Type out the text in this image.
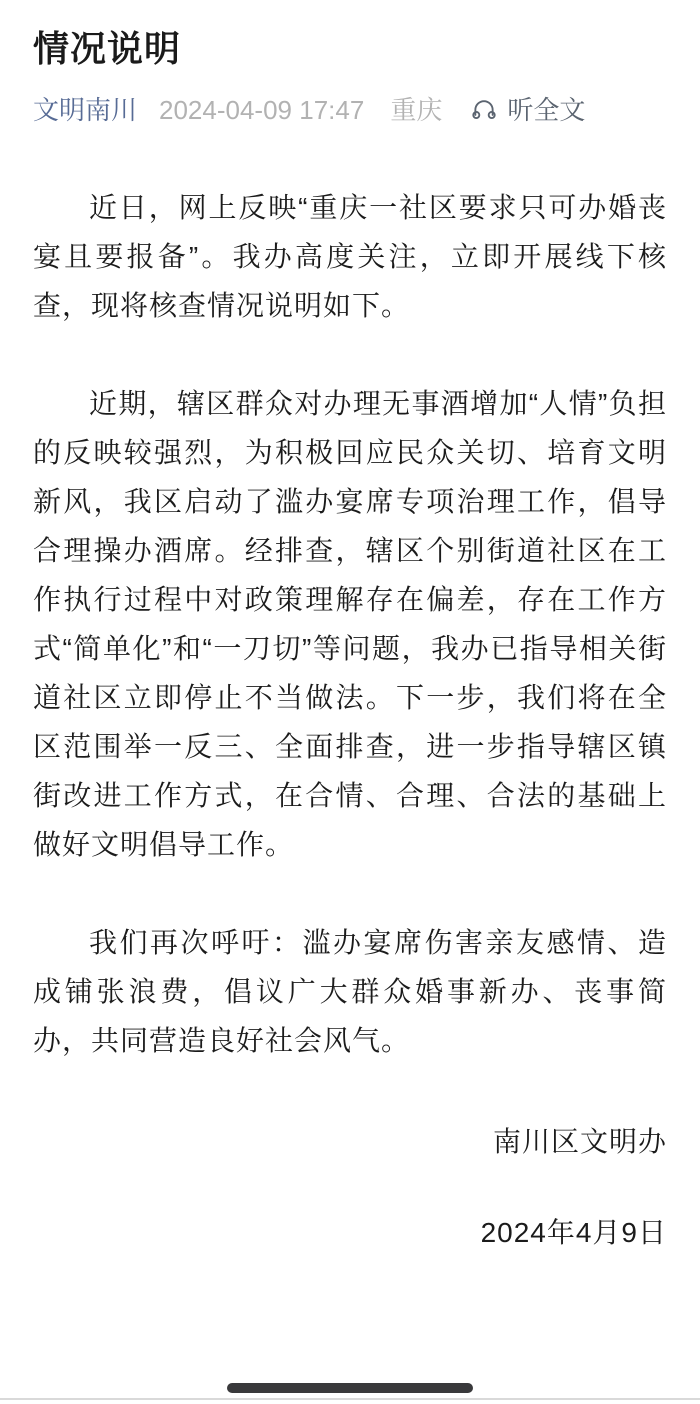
情况说明
文明南川 2024-04-09 17:47 重庆	听全文

近日，网上反映“重庆一社区要求只可办婚丧宴且要报备”。我办高度关注，立即开展线下核查，现将核查情况说明如下。

近期，辖区群众对办理无事酒增加“人情”负担的反映较强烈，为积极回应民众关切、培育文明新风，我区启动了滥办宴席专项治理工作，倡导合理操办酒席。经排查，辖区个别街道社区在工作执行过程中对政策理解存在偏差，存在工作方式“简单化”和“一刀切”等问题，我办已指导相关街道社区立即停止不当做法。下一步，我们将在全区范围举一反三、全面排查，进一步指导辖区镇街改进工作方式，在合情、合理、合法的基础上做好文明倡导工作。

我们再次呼吁：滥办宴席伤害亲友感情、造成铺张浪费，倡议广大群众婚事新办、丧事简办，共同营造良好社会风气。

南川区文明办
2024年4月9日
